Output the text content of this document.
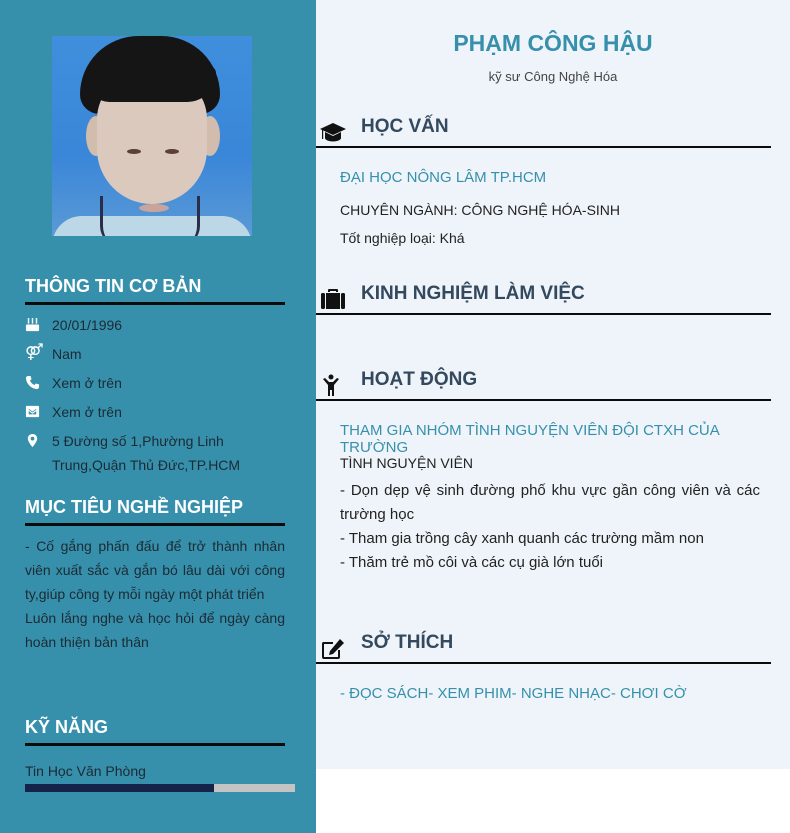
THÔNG TIN CƠ BẢN
20/01/1996
⚤ Nam
Xem ở trên
Xem ở trên
5 Đường số 1,Phường Linh Trung,Quận Thủ Đức,TP.HCM
MỤC TIÊU NGHỀ NGHIỆP
- Cố gắng phấn đấu để trở thành nhân viên xuất sắc và gắn bó lâu dài với công ty,giúp công ty mỗi ngày một phát triển
Luôn lắng nghe và học hỏi để ngày càng hoàn thiện bản thân
KỸ NĂNG
Tin Học Văn Phòng
PHẠM CÔNG HẬU
kỹ sư Công Nghệ Hóa
HỌC VẤN
ĐẠI HỌC NÔNG LÂM TP.HCM
CHUYÊN NGÀNH: CÔNG NGHỆ HÓA-SINH
Tốt nghiệp loại: Khá
KINH NGHIỆM LÀM VIỆC
HOẠT ĐỘNG
THAM GIA NHÓM TÌNH NGUYỆN VIÊN ĐỘI CTXH CỦA TRƯỜNG
TÌNH NGUYỆN VIÊN
- Dọn dẹp vệ sinh đường phố khu vực gần công viên và các trường học
- Tham gia trồng cây xanh quanh các trường mầm non
- Thăm trẻ mồ côi và các cụ già lớn tuổi
SỞ THÍCH
- ĐỌC SÁCH- XEM PHIM- NGHE NHẠC- CHƠI CỜ
